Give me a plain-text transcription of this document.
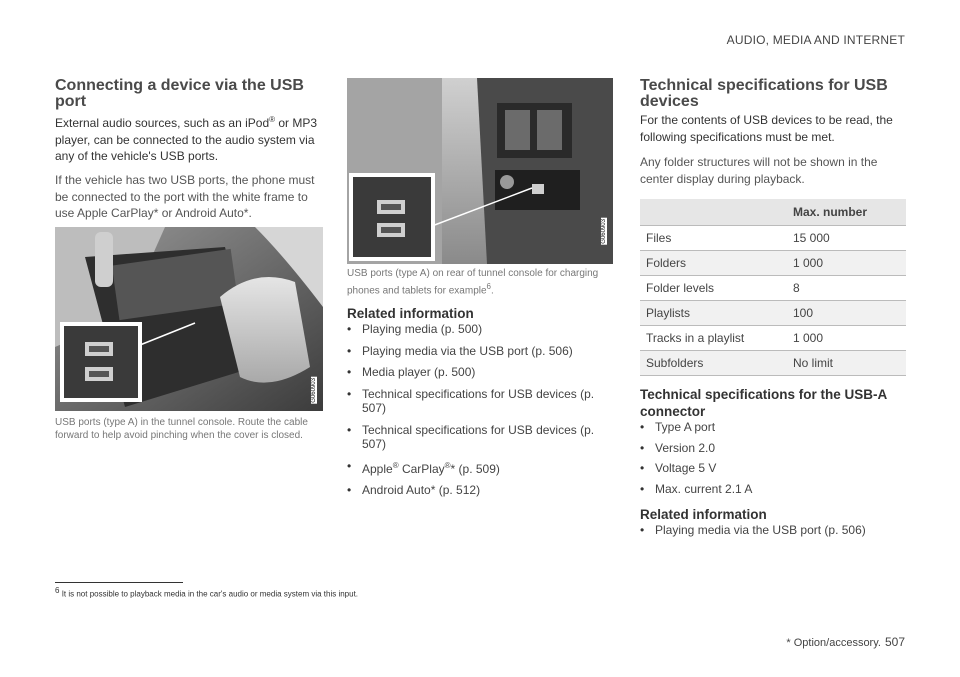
AUDIO, MEDIA AND INTERNET
Connecting a device via the USB port

External audio sources, such as an iPod® or MP3 player, can be connected to the audio system via any of the vehicle's USB ports.

If the vehicle has two USB ports, the phone must be connected to the port with the white frame to use Apple CarPlay* or Android Auto*.

G060903

USB ports (type A) in the tunnel console. Route the cable forward to help avoid pinching when the cover is closed.

G060903

USB ports (type A) on rear of tunnel console for charging phones and tablets for example$^6$.

Related information
• Playing media (p. 500)
• Playing media via the USB port (p. 506)
• Media player (p. 500)
• Technical specifications for USB devices (p. 507)
• Technical specifications for USB devices (p. 507)
• Apple® CarPlay®* (p. 509)
• Android Auto* (p. 512)
Technical specifications for USB devices

For the contents of USB devices to be read, the following specifications must be met.

Any folder structures will not be shown in the center display during playback.

	Max. number
Files	15 000
Folders	1 000
Folder levels	8
Playlists	100
Tracks in a playlist	1 000
Subfolders	No limit
Technical specifications for the USB-A connector
• Type A port
• Version 2.0
• Voltage 5 V
• Max. current 2.1 A
Related information
• Playing media via the USB port (p. 506)
$^6$ It is not possible to playback media in the car's audio or media system via this input.
* Option/accessory. 507
